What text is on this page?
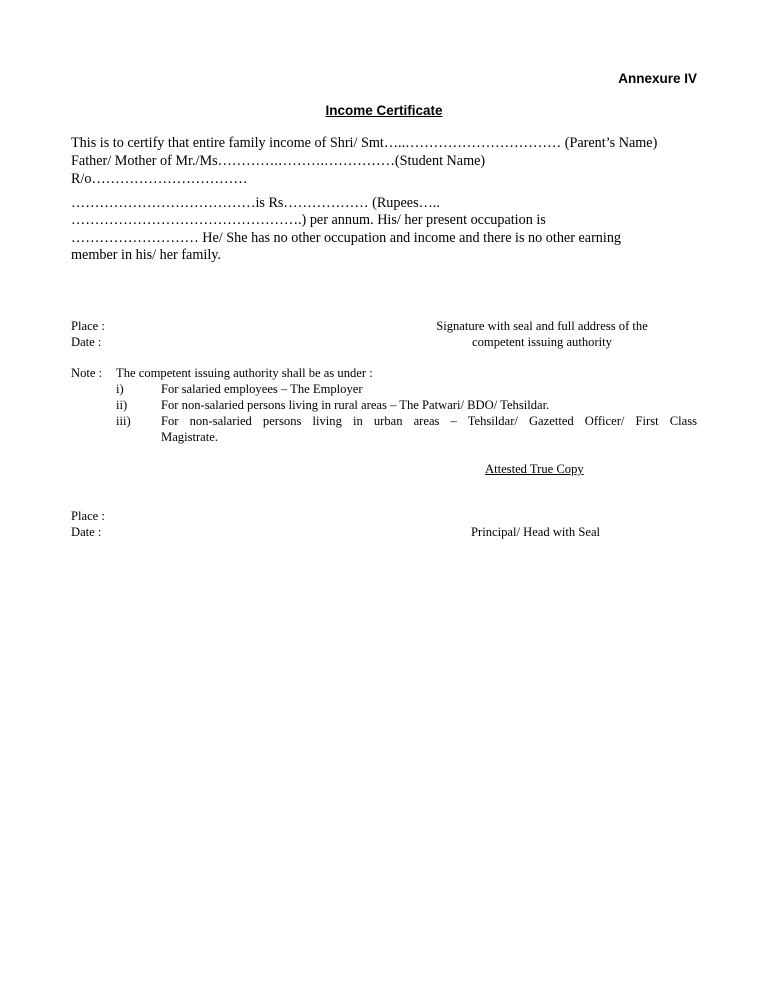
Annexure IV
Income Certificate
This is to certify that entire family income of Shri/ Smt…..…………………………… (Parent’s Name)
Father/ Mother of Mr./Ms………….……….……………(Student Name)
R/o……………………………
…………………………………is Rs……………… (Rupees…..
………………………………………….) per annum. His/ her present occupation is
……………………… He/ She has no other occupation and income and there is no other earning
member in his/ her family.
Place :
Date :
Signature with seal and full address of the
competent issuing authority
Note : The competent issuing authority shall be as under :
i)	For salaried employees – The Employer
ii)	For non-salaried persons living in rural areas – The Patwari/ BDO/ Tehsildar.
iii) For non-salaried persons living in urban areas – Tehsildar/ Gazetted Officer/ First Class
Magistrate.
Attested True Copy
Place :
Date :	Principal/ Head with Seal
